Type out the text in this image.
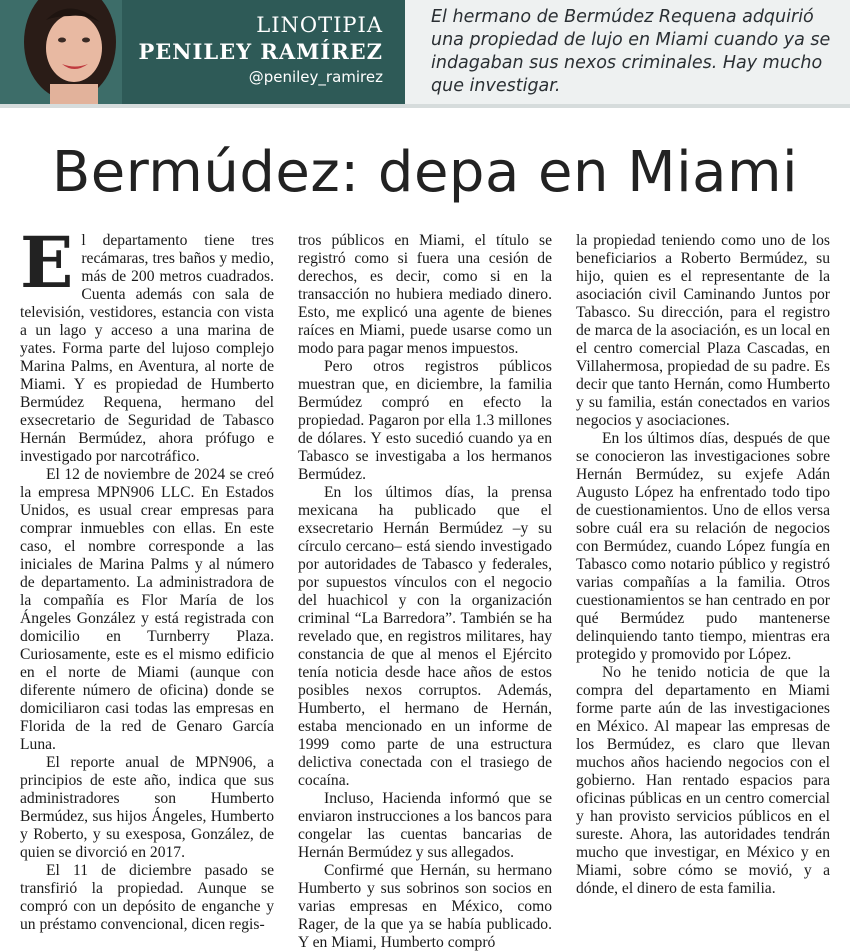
LINOTIPIA
PENILEY RAMÍREZ
@peniley_ramirez
El hermano de Bermúdez Requena adquirió una propiedad de lujo en Miami cuando ya se indagaban sus nexos criminales. Hay mucho que investigar.
Bermúdez: depa en Miami

El departamento tiene tres recámaras, tres baños y medio, más de 200 metros cuadrados. Cuenta además con sala de televisión, vestidores, estancia con vista a un lago y acceso a una marina de yates. Forma parte del lujoso complejo Marina Palms, en Aventura, al norte de Miami. Y es propiedad de Humberto Bermúdez Requena, hermano del exsecretario de Seguridad de Tabasco Hernán Bermúdez, ahora prófugo e investigado por narcotráfico.

El 12 de noviembre de 2024 se creó la empresa MPN906 LLC. En Estados Unidos, es usual crear empresas para comprar inmuebles con ellas. En este caso, el nombre corresponde a las iniciales de Marina Palms y al número de departamento. La administradora de la compañía es Flor María de los Ángeles González y está registrada con domicilio en Turnberry Plaza. Curiosamente, este es el mismo edificio en el norte de Miami (aunque con diferente número de oficina) donde se domiciliaron casi todas las empresas en Florida de la red de Genaro García Luna.

El reporte anual de MPN906, a principios de este año, indica que sus administradores son Humberto Bermúdez, sus hijos Ángeles, Humberto y Roberto, y su exesposa, González, de quien se divorció en 2017.

El 11 de diciembre pasado se transfirió la propiedad. Aunque se compró con un depósito de enganche y un préstamo convencional, dicen regis-

tros públicos en Miami, el título se registró como si fuera una cesión de derechos, es decir, como si en la transacción no hubiera mediado dinero. Esto, me explicó una agente de bienes raíces en Miami, puede usarse como un modo para pagar menos impuestos.

Pero otros registros públicos muestran que, en diciembre, la familia Bermúdez compró en efecto la propiedad. Pagaron por ella 1.3 millones de dólares. Y esto sucedió cuando ya en Tabasco se investigaba a los hermanos Bermúdez.

En los últimos días, la prensa mexicana ha publicado que el exsecretario Hernán Bermúdez –y su círculo cercano– está siendo investigado por autoridades de Tabasco y federales, por supuestos vínculos con el negocio del huachicol y con la organización criminal “La Barredora”. También se ha revelado que, en registros militares, hay constancia de que al menos el Ejército tenía noticia desde hace años de estos posibles nexos corruptos. Además, Humberto, el hermano de Hernán, estaba mencionado en un informe de 1999 como parte de una estructura delictiva conectada con el trasiego de cocaína.

Incluso, Hacienda informó que se enviaron instrucciones a los bancos para congelar las cuentas bancarias de Hernán Bermúdez y sus allegados.

Confirmé que Hernán, su hermano Humberto y sus sobrinos son socios en varias empresas en México, como Rager, de la que ya se había publicado. Y en Miami, Humberto compró

la propiedad teniendo como uno de los beneficiarios a Roberto Bermúdez, su hijo, quien es el representante de la asociación civil Caminando Juntos por Tabasco. Su dirección, para el registro de marca de la asociación, es un local en el centro comercial Plaza Cascadas, en Villahermosa, propiedad de su padre. Es decir que tanto Hernán, como Humberto y su familia, están conectados en varios negocios y asociaciones.

En los últimos días, después de que se conocieron las investigaciones sobre Hernán Bermúdez, su exjefe Adán Augusto López ha enfrentado todo tipo de cuestionamientos. Uno de ellos versa sobre cuál era su relación de negocios con Bermúdez, cuando López fungía en Tabasco como notario público y registró varias compañías a la familia. Otros cuestionamientos se han centrado en por qué Bermúdez pudo mantenerse delinquiendo tanto tiempo, mientras era protegido y promovido por López.

No he tenido noticia de que la compra del departamento en Miami forme parte aún de las investigaciones en México. Al mapear las empresas de los Bermúdez, es claro que llevan muchos años haciendo negocios con el gobierno. Han rentado espacios para oficinas públicas en un centro comercial y han provisto servicios públicos en el sureste. Ahora, las autoridades tendrán mucho que investigar, en México y en Miami, sobre cómo se movió, y a dónde, el dinero de esta familia.
